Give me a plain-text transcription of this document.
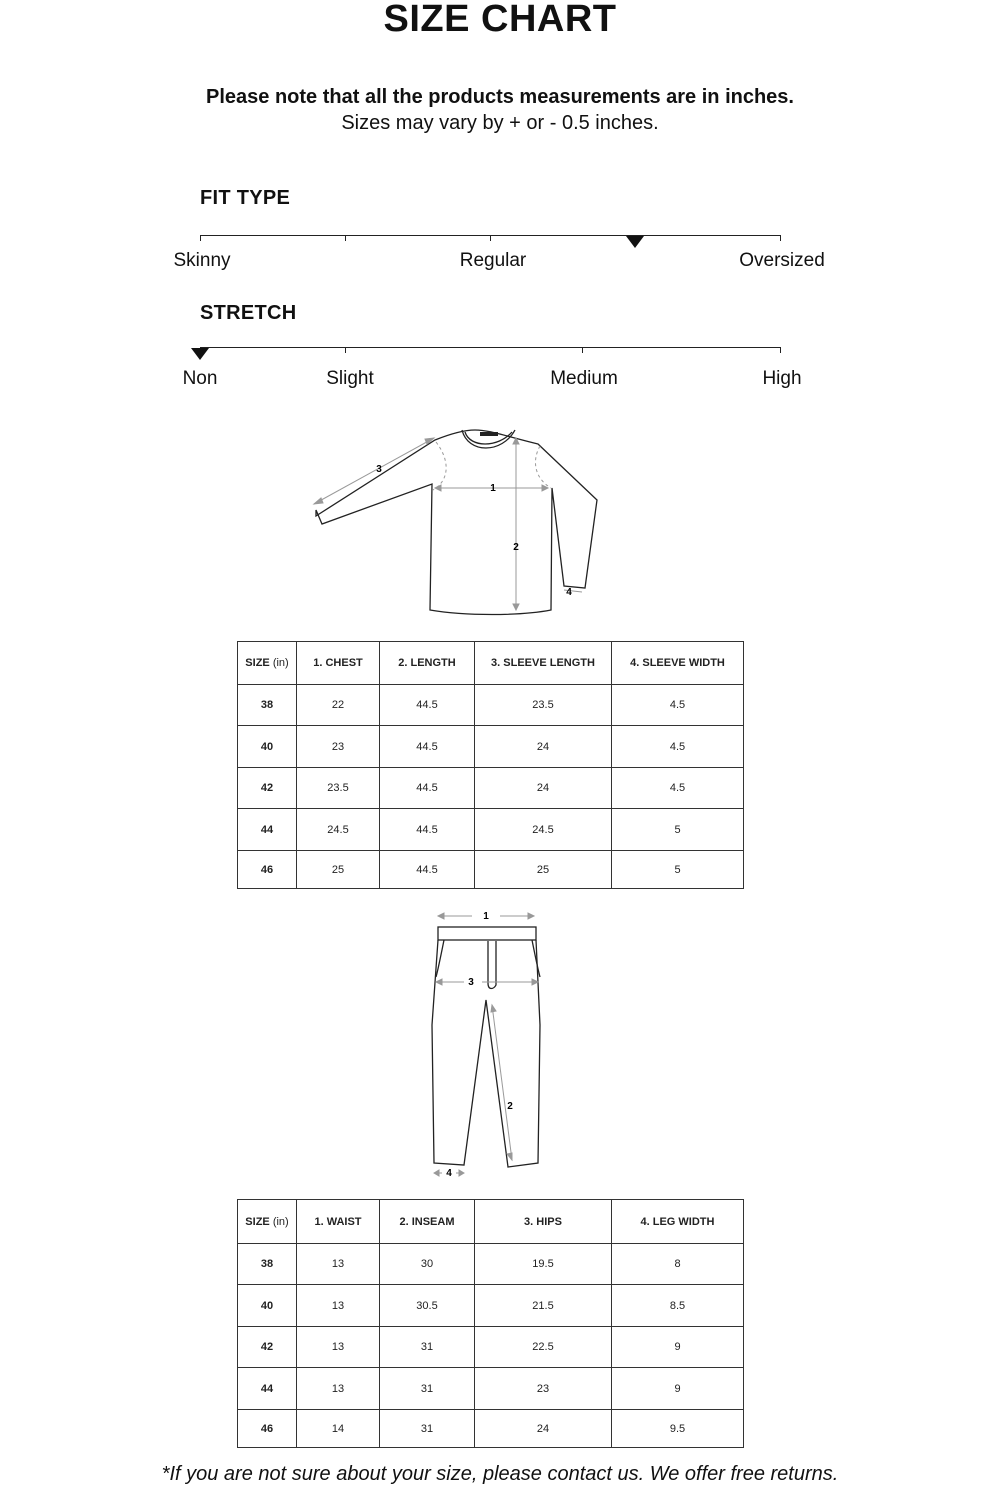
SIZE CHART
Please note that all the products measurements are in inches.
Sizes may vary by + or - 0.5 inches.
FIT TYPE
Skinny	Regular	Oversized
STRETCH
Non	Slight	Medium	High
1
2
3
4
SIZE (in)	1. CHEST	2. LENGTH	3. SLEEVE LENGTH	4. SLEEVE WIDTH
38	22	44.5	23.5	4.5
40	23	44.5	24	4.5
42	23.5	44.5	24	4.5
44	24.5	44.5	24.5	5
46	25	44.5	25	5
1
2
3
4
SIZE (in)	1. WAIST	2. INSEAM	3. HIPS	4. LEG WIDTH
38	13	30	19.5	8
40	13	30.5	21.5	8.5
42	13	31	22.5	9
44	13	31	23	9
46	14	31	24	9.5
*If you are not sure about your size, please contact us. We offer free returns.
